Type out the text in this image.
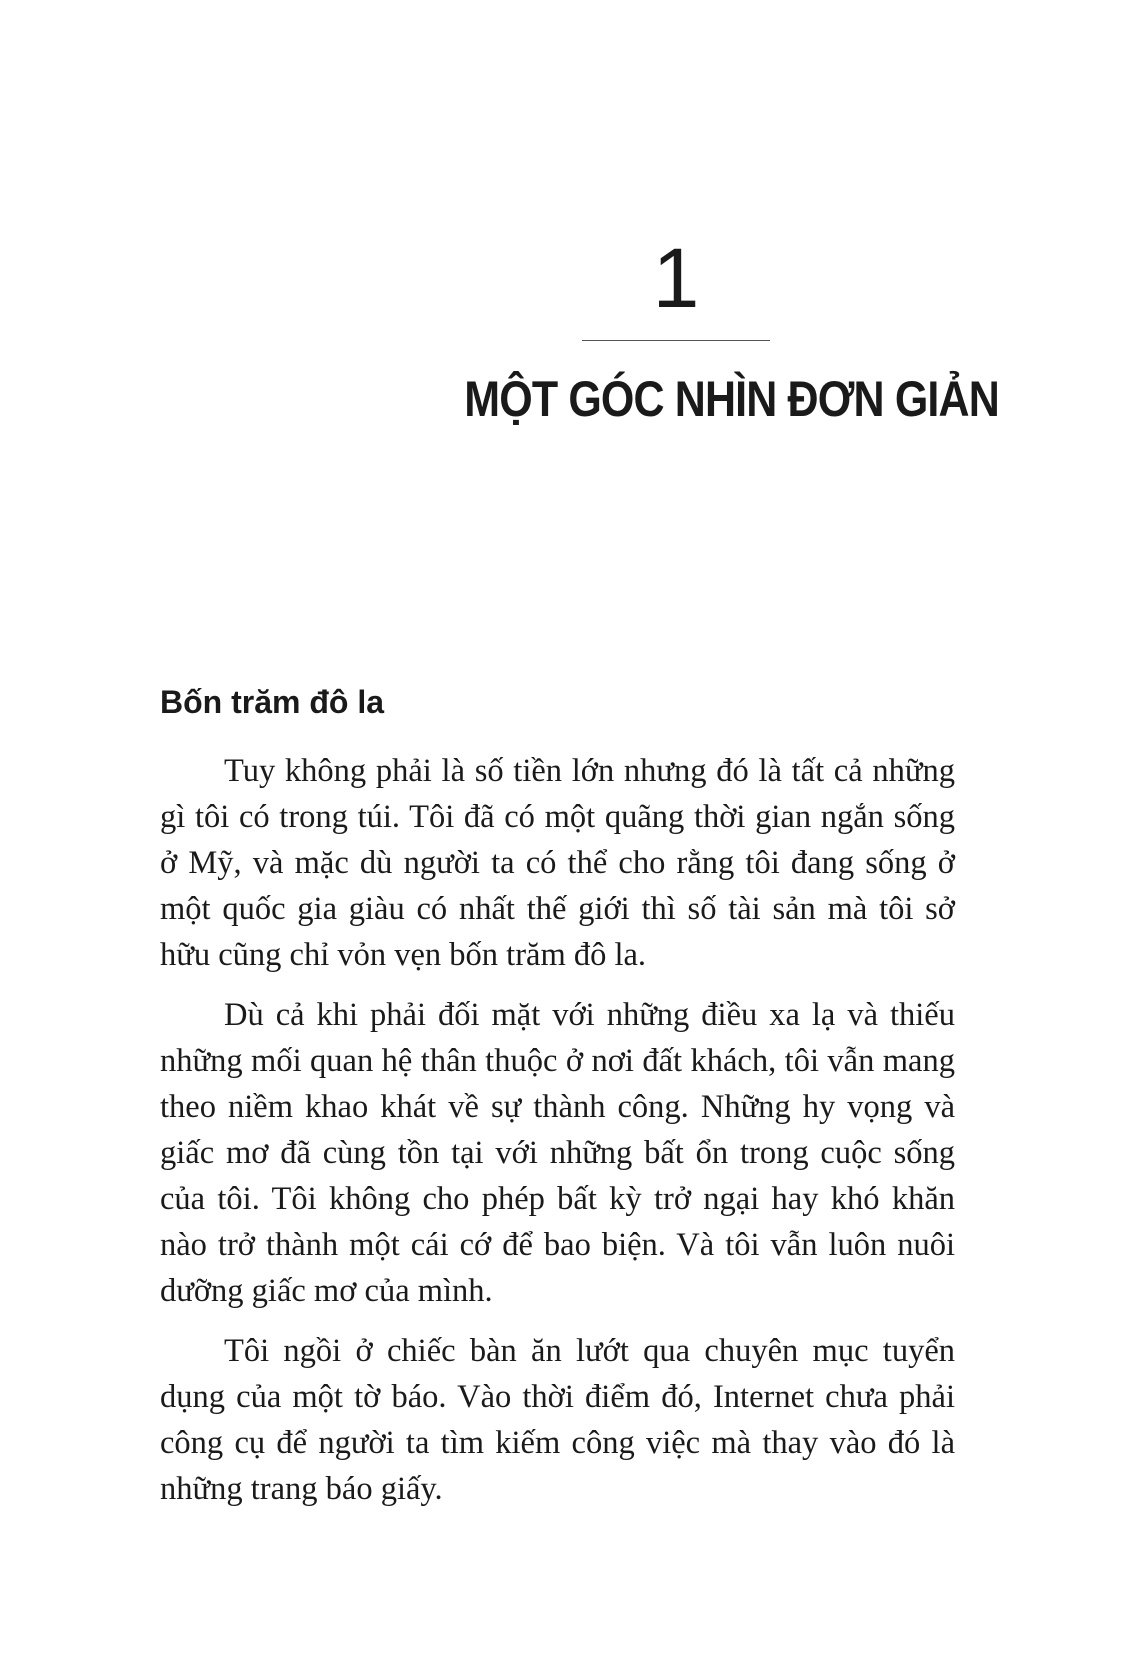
1
MỘT GÓC NHÌN ĐƠN GIẢN
Bốn trăm đô la

Tuy không phải là số tiền lớn nhưng đó là tất cả những gì tôi có trong túi. Tôi đã có một quãng thời gian ngắn sống ở Mỹ, và mặc dù người ta có thể cho rằng tôi đang sống ở một quốc gia giàu có nhất thế giới thì số tài sản mà tôi sở hữu cũng chỉ vỏn vẹn bốn trăm đô la.

Dù cả khi phải đối mặt với những điều xa lạ và thiếu những mối quan hệ thân thuộc ở nơi đất khách, tôi vẫn mang theo niềm khao khát về sự thành công. Những hy vọng và giấc mơ đã cùng tồn tại với những bất ổn trong cuộc sống của tôi. Tôi không cho phép bất kỳ trở ngại hay khó khăn nào trở thành một cái cớ để bao biện. Và tôi vẫn luôn nuôi dưỡng giấc mơ của mình.

Tôi ngồi ở chiếc bàn ăn lướt qua chuyên mục tuyển dụng của một tờ báo. Vào thời điểm đó, Internet chưa phải công cụ để người ta tìm kiếm công việc mà thay vào đó là những trang báo giấy.
